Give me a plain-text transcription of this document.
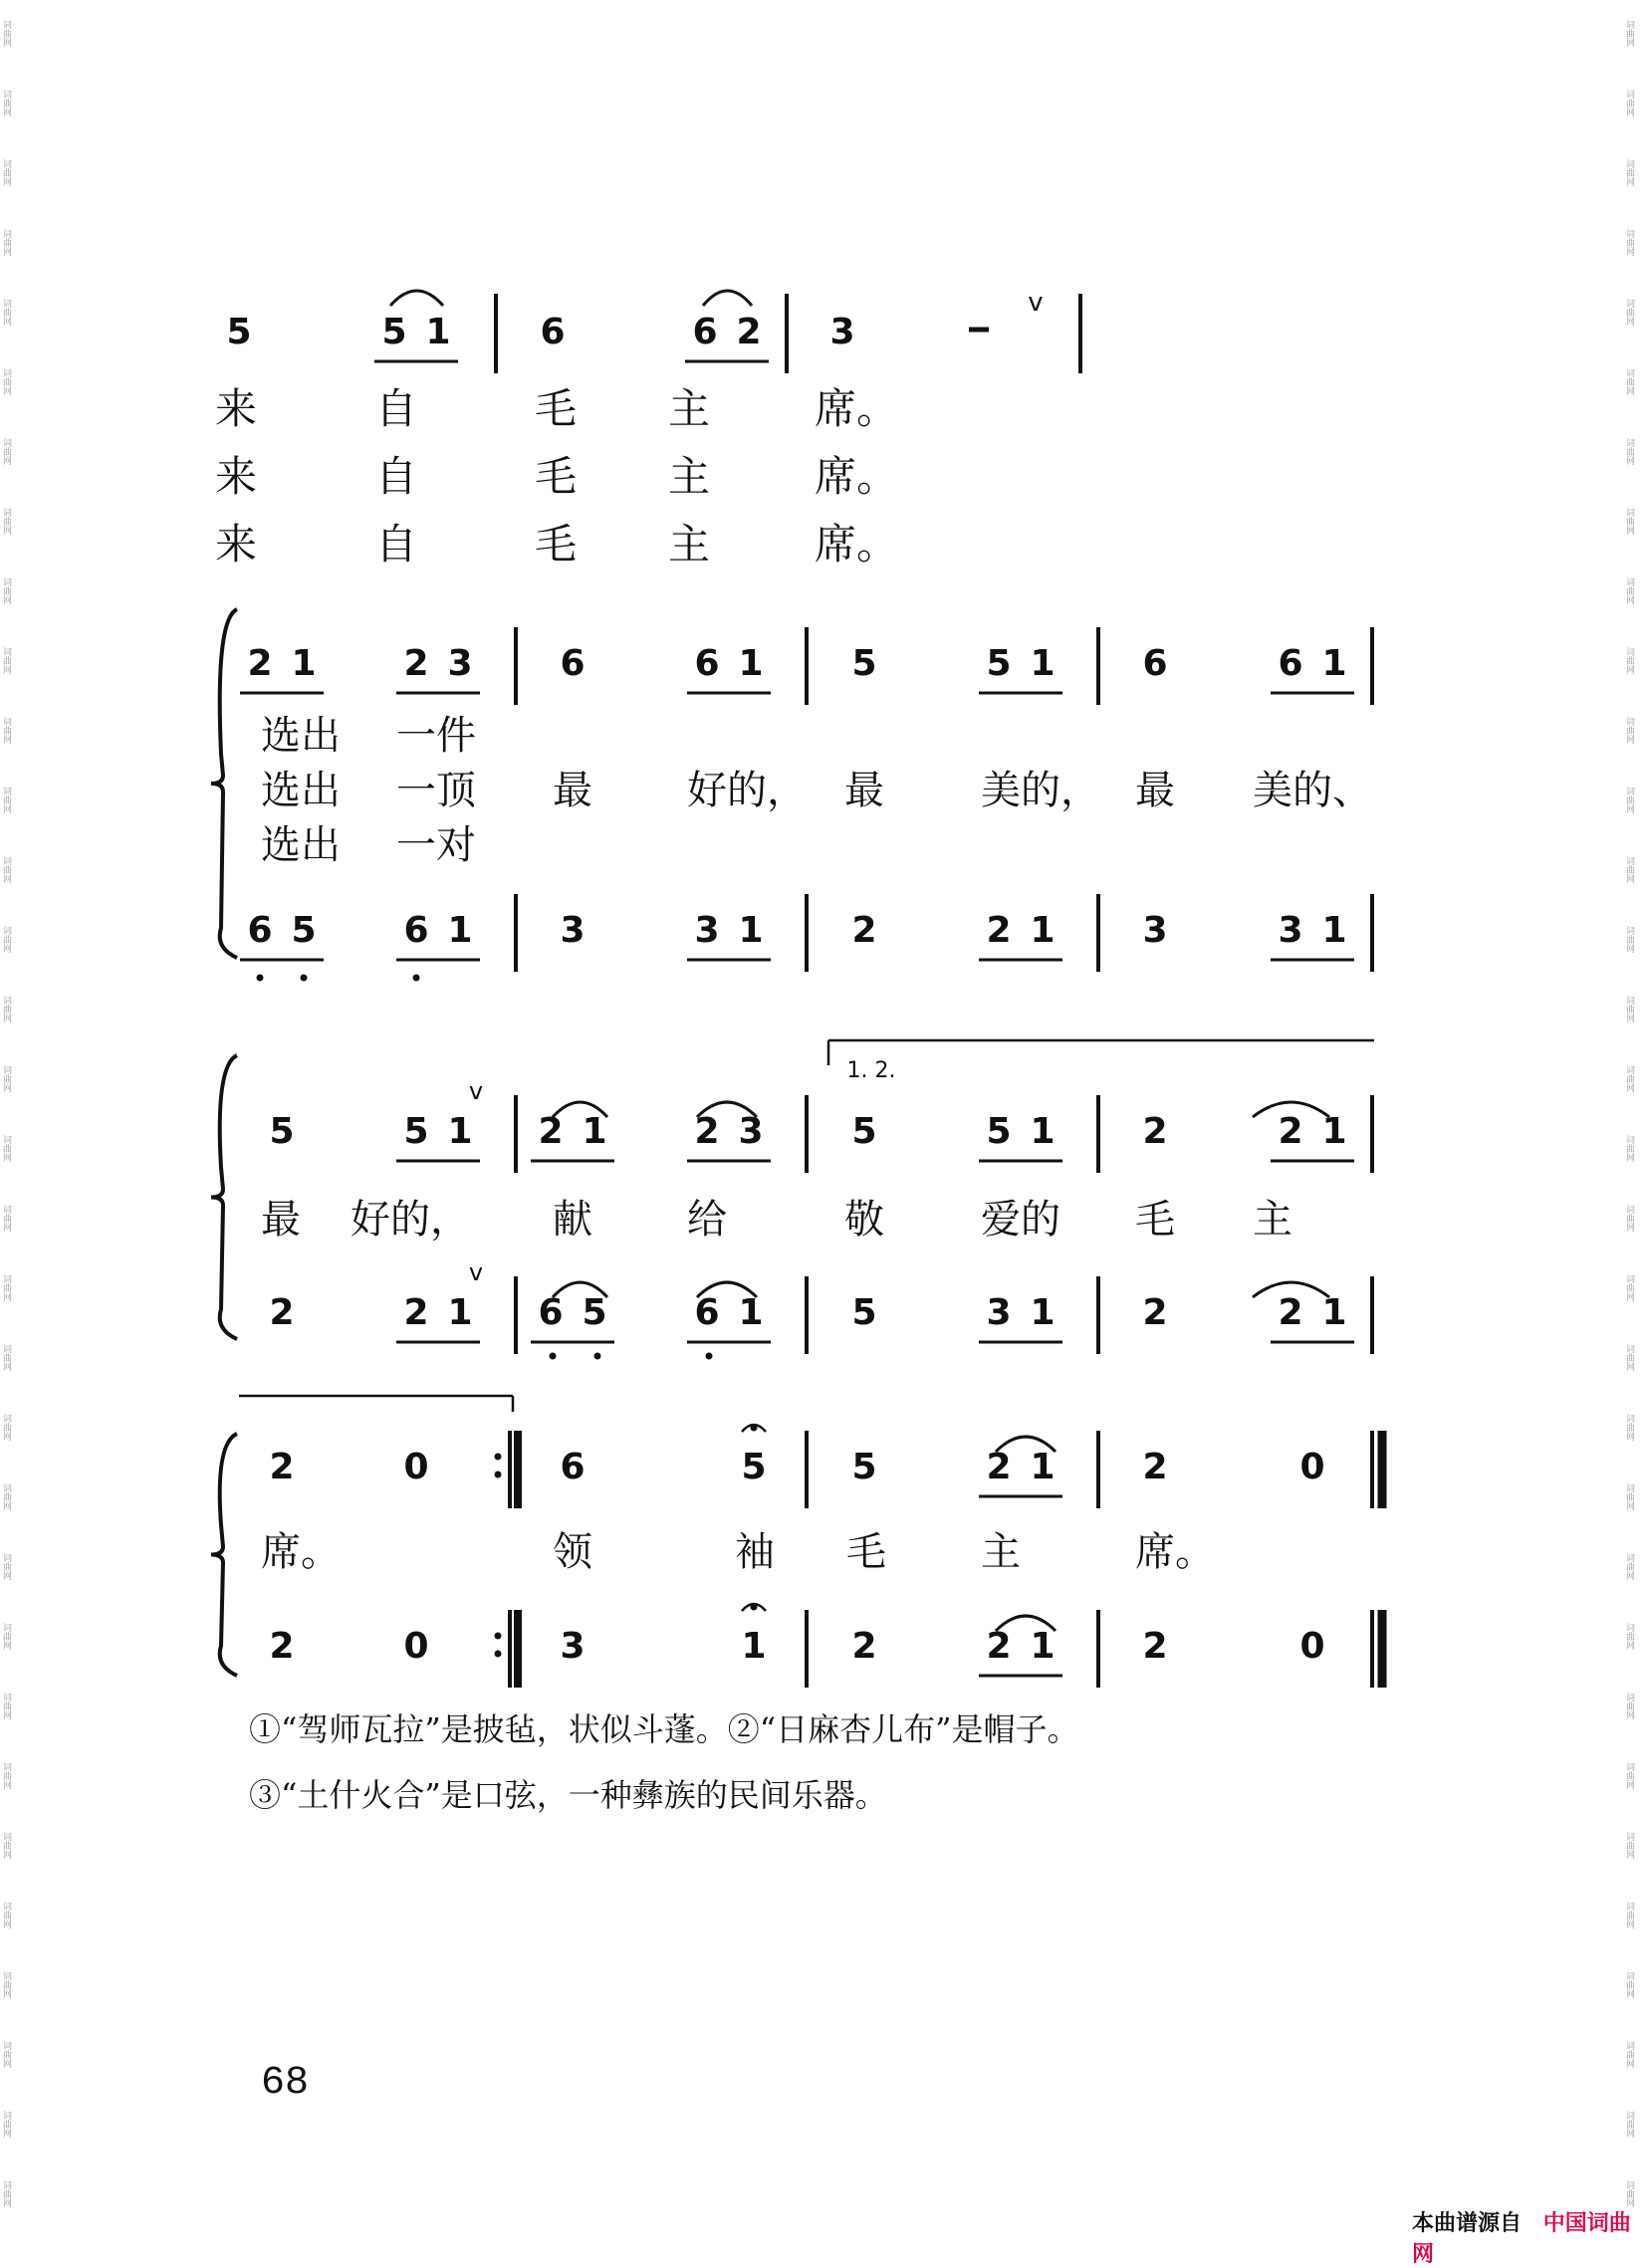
5	5 1 6	6 2 3
v
来	自	毛 主 席。
来	自	毛 主 席。
来	自	毛 主 席。
2 1 2 3 6	6 1 5	5 1 6	6 1
6 5 6 1 3	3 1 2	2 1 3	3 1
选出 一件
选出 一顶 最 好的， 最 美的， 最 美的、
选出 一对
5	5 1 2 1 2 3 5	5 1 2	2 1
2	2 1 6 5 6 1 5	3 1 2	2 1
最 好的， 献 给	敬 爱的 毛 主
1. 2.
v
v
2	0	6	5 5	2 1 2	0
2	0	3	1 2	2 1 2	0
席。	领	袖 毛 主	席。
词曲网	词曲网
词曲网	词曲网
词曲网	词曲网
词曲网	词曲网
词曲网	词曲网
词曲网	词曲网
词曲网	词曲网
词曲网	词曲网
词曲网	词曲网
词曲网	词曲网
词曲网	词曲网
词曲网	词曲网
词曲网	词曲网
词曲网	词曲网
词曲网	词曲网
词曲网	词曲网
词曲网	词曲网
词曲网	词曲网
词曲网	词曲网
词曲网	词曲网
词曲网	词曲网
词曲网	词曲网
词曲网	词曲网
词曲网	词曲网
词曲网	词曲网
词曲网	词曲网
词曲网	词曲网
词曲网	词曲网
词曲网	词曲网
词曲网	词曲网
词曲网	词曲网
词曲网	词曲网
①“驾师瓦拉”是披毡，状似斗蓬。②“日麻杏儿布”是帽子。
③“土什火合”是口弦，一种彝族的民间乐器。
68
本曲谱源自 中国词曲网
